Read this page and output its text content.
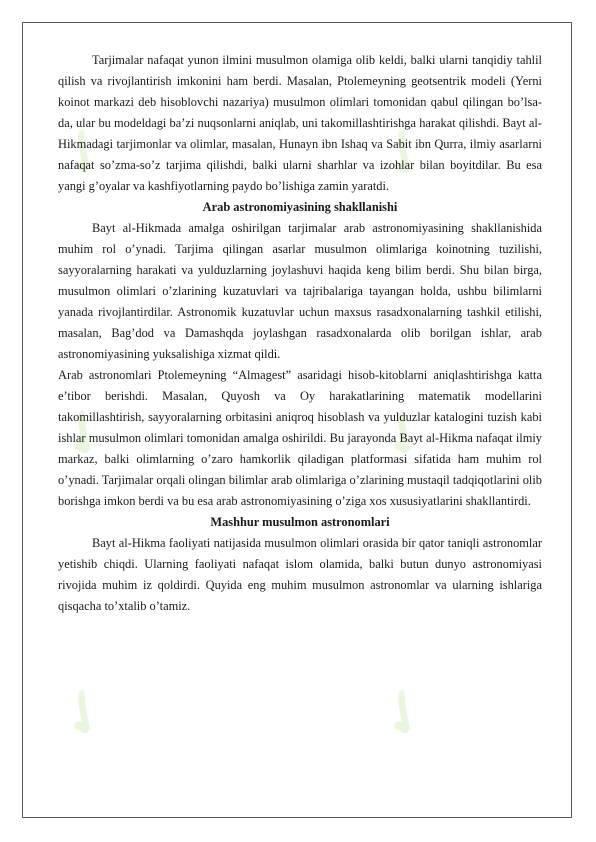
✓	✓
✓	✓
✓	✓

Tarjimalar nafaqat yunon ilmini musulmon olamiga olib keldi, balki ularni tanqidiy tahlil qilish va rivojlantirish imkonini ham berdi. Masalan, Ptolemeyning geotsentrik modeli (Yerni koinot markazi deb hisoblovchi nazariya) musulmon olimlari tomonidan qabul qilingan bo’lsa-da, ular bu modeldagi ba’zi nuqsonlarni aniqlab, uni takomillashtirishga harakat qilishdi. Bayt al-Hikmadagi tarjimonlar va olimlar, masalan, Hunayn ibn Ishaq va Sabit ibn Qurra, ilmiy asarlarni nafaqat so’zma-so’z tarjima qilishdi, balki ularni sharhlar va izohlar bilan boyitdilar. Bu esa yangi g’oyalar va kashfiyotlarning paydo bo’lishiga zamin yaratdi.

Arab astronomiyasining shakllanishi

Bayt al-Hikmada amalga oshirilgan tarjimalar arab astronomiyasining shakllanishida muhim rol o’ynadi. Tarjima qilingan asarlar musulmon olimlariga koinotning tuzilishi, sayyoralarning harakati va yulduzlarning joylashuvi haqida keng bilim berdi. Shu bilan birga, musulmon olimlari o’zlarining kuzatuvlari va tajribalariga tayangan holda, ushbu bilimlarni yanada rivojlantirdilar. Astronomik kuzatuvlar uchun maxsus rasadxonalarning tashkil etilishi, masalan, Bag’dod va Damashqda joylashgan rasadxonalarda olib borilgan ishlar, arab astronomiyasining yuksalishiga xizmat qildi.

Arab astronomlari Ptolemeyning “Almagest” asaridagi hisob-kitoblarni aniqlashtirishga katta e’tibor berishdi. Masalan, Quyosh va Oy harakatlarining matematik modellarini takomillashtirish, sayyoralarning orbitasini aniqroq hisoblash va yulduzlar katalogini tuzish kabi ishlar musulmon olimlari tomonidan amalga oshirildi. Bu jarayonda Bayt al-Hikma nafaqat ilmiy markaz, balki olimlarning o’zaro hamkorlik qiladigan platformasi sifatida ham muhim rol o’ynadi. Tarjimalar orqali olingan bilimlar arab olimlariga o’zlarining mustaqil tadqiqotlarini olib borishga imkon berdi va bu esa arab astronomiyasining o’ziga xos xususiyatlarini shakllantirdi.

Mashhur musulmon astronomlari

Bayt al-Hikma faoliyati natijasida musulmon olimlari orasida bir qator taniqli astronomlar yetishib chiqdi. Ularning faoliyati nafaqat islom olamida, balki butun dunyo astronomiyasi rivojida muhim iz qoldirdi. Quyida eng muhim musulmon astronomlar va ularning ishlariga qisqacha to’xtalib o’tamiz.
